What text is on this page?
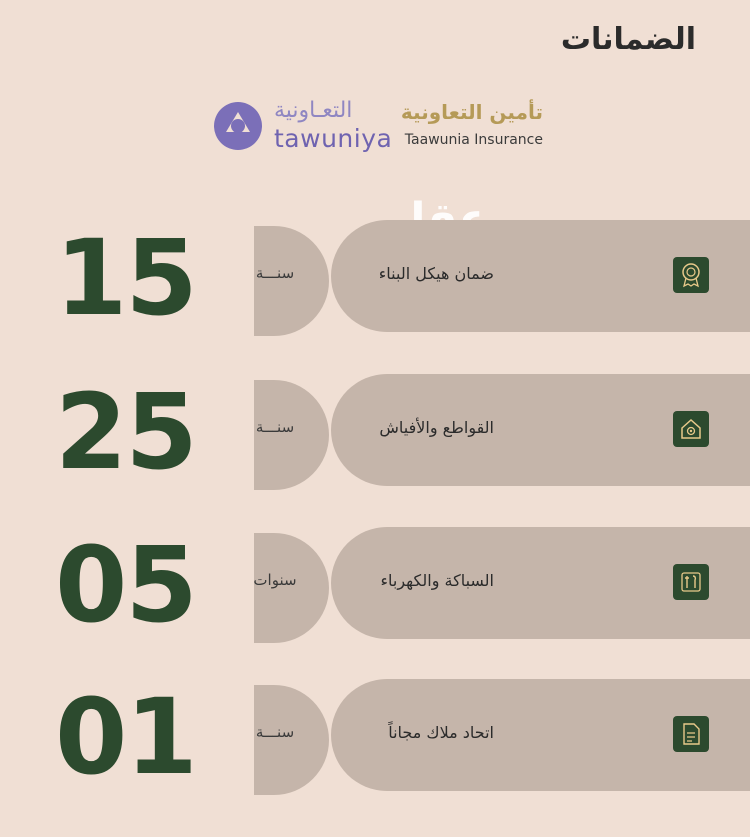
الضمانات
تأمين التعاونية
Taawunia Insurance
التعـاونية
tawuniya
15	سنـــة	ضمان هيكل البناء
25	سنـــة	القواطع والأفياش
05	سنوات	السباكة والكهرباء
01	سنـــة	اتحاد ملاك مجاناً
